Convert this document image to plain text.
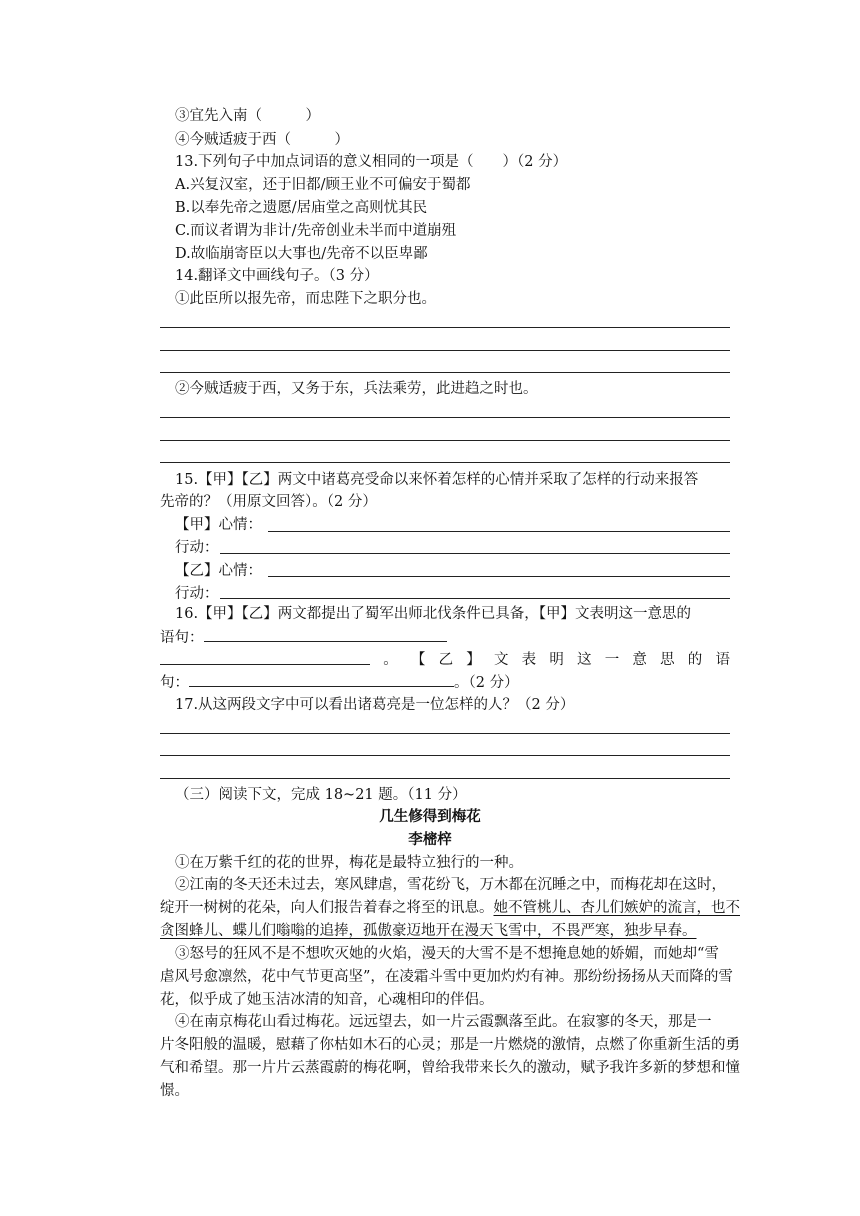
③宜先入南（　　　）
④今贼适疲于西（　　　）
13.下列句子中加点词语的意义相同的一项是（　　）（2 分）
A.兴复汉室，还于旧都/顾王业不可偏安于蜀都
B.以奉先帝之遗愿/居庙堂之高则忧其民
C.而议者谓为非计/先帝创业未半而中道崩殂
D.故临崩寄臣以大事也/先帝不以臣卑鄙
14.翻译文中画线句子。（3 分）
①此臣所以报先帝，而忠陛下之职分也。
②今贼适疲于西，又务于东，兵法乘劳，此进趋之时也。
15.【甲】【乙】两文中诸葛亮受命以来怀着怎样的心情并采取了怎样的行动来报答
先帝的？（用原文回答）。（2 分）
【甲】心情：
行动：
【乙】心情：
行动：
16.【甲】【乙】两文都提出了蜀军出师北伐条件已具备，【甲】文表明这一意思的
语句：
。 【 乙 】 文 表 明 这 一 意 思 的 语
句：	。（2 分）
17.从这两段文字中可以看出诸葛亮是一位怎样的人？（2 分）
（三）阅读下文，完成 18~21 题。（11 分）
几生修得到梅花
李樒梓
①在万紫千红的花的世界，梅花是最特立独行的一种。
②江南的冬天还未过去，寒风肆虐，雪花纷飞，万木都在沉睡之中，而梅花却在这时，
绽开一树树的花朵，向人们报告着春之将至的讯息。她不管桃儿、杏儿们嫉妒的流言，也不
贪图蜂儿、蝶儿们嗡嗡的追捧，孤傲豪迈地开在漫天飞雪中，不畏严寒，独步早春。
③怒号的狂风不是不想吹灭她的火焰，漫天的大雪不是不想掩息她的娇媚，而她却“雪
虐风号愈凛然，花中气节更高坚”，在凌霜斗雪中更加灼灼有神。那纷纷扬扬从天而降的雪
花，似乎成了她玉洁冰清的知音，心魂相印的伴侣。
④在南京梅花山看过梅花。远远望去，如一片云霞飘落至此。在寂寥的冬天，那是一
片冬阳般的温暖，慰藉了你枯如木石的心灵；那是一片燃烧的激情，点燃了你重新生活的勇
气和希望。那一片片云蒸霞蔚的梅花啊，曾给我带来长久的激动，赋予我许多新的梦想和憧
憬。
